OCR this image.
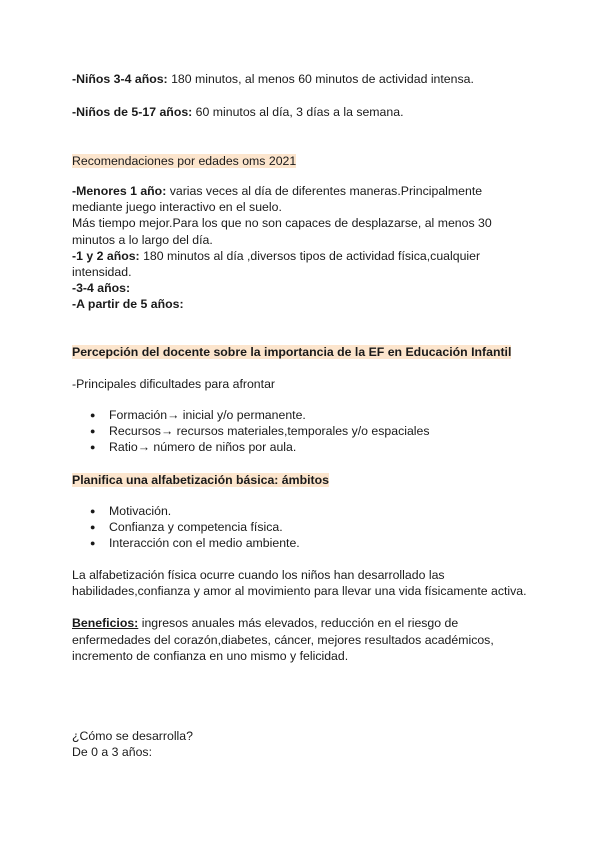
-Niños 3-4 años: 180 minutos, al menos 60 minutos de actividad intensa.
-Niños de 5-17 años: 60 minutos al día, 3 días a la semana.
Recomendaciones por edades oms 2021
-Menores 1 año: varias veces al día de diferentes maneras.Principalmente
mediante juego interactivo en el suelo.
Más tiempo mejor.Para los que no son capaces de desplazarse, al menos 30
minutos a lo largo del día.
-1 y 2 años: 180 minutos al día ,diversos tipos de actividad física,cualquier
intensidad.
-3-4 años:
-A partir de 5 años:
Percepción del docente sobre la importancia de la EF en Educación Infantil
-Principales dificultades para afrontar
● Formación→ inicial y/o permanente.
● Recursos→ recursos materiales,temporales y/o espaciales
● Ratio→ número de niños por aula.
Planifica una alfabetización básica: ámbitos
● Motivación.
● Confianza y competencia física.
● Interacción con el medio ambiente.
La alfabetización física ocurre cuando los niños han desarrollado las
habilidades,confianza y amor al movimiento para llevar una vida físicamente activa.
Beneficios: ingresos anuales más elevados, reducción en el riesgo de
enfermedades del corazón,diabetes, cáncer, mejores resultados académicos,
incremento de confianza en uno mismo y felicidad.
¿Cómo se desarrolla?
De 0 a 3 años:
